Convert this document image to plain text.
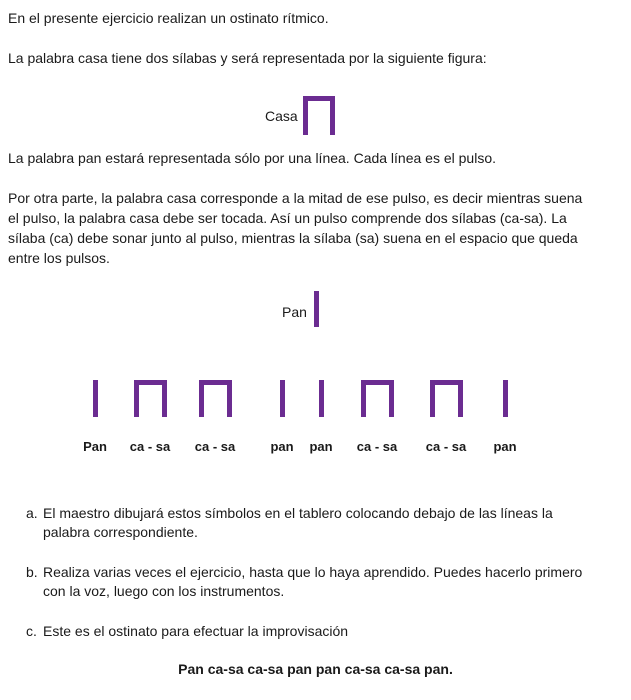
En el presente ejercicio realizan un ostinato rítmico.

La palabra casa tiene dos sílabas y será representada por la siguiente figura:

Casa

La palabra pan estará representada sólo por una línea. Cada línea es el pulso.

Por otra parte, la palabra casa corresponde a la mitad de ese pulso, es decir mientras suena el pulso, la palabra casa debe ser tocada. Así un pulso comprende dos sílabas (ca-sa). La sílaba (ca) debe sonar junto al pulso, mientras la sílaba (sa) suena en el espacio que queda entre los pulsos.

Pan
Pan	ca - sa	ca - sa	pan	pan	ca - sa	ca - sa	pan
a. El maestro dibujará estos símbolos en el tablero colocando debajo de las líneas la palabra correspondiente.
b. Realiza varias veces el ejercicio, hasta que lo haya aprendido. Puedes hacerlo primero con la voz, luego con los instrumentos.
c. Este es el ostinato para efectuar la improvisación
Pan ca-sa ca-sa pan pan ca-sa ca-sa pan.
